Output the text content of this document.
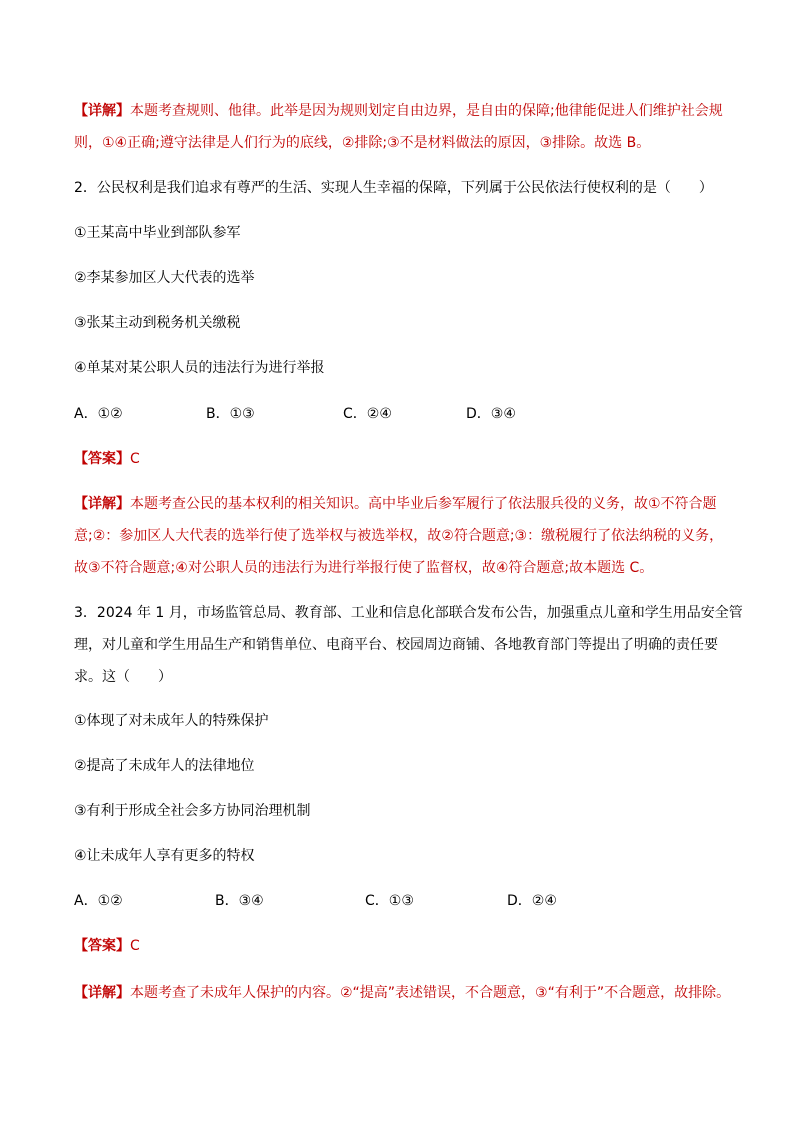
【详解】本题考查规则、他律。此举是因为规则划定自由边界，是自由的保障;他律能促进人们维护社会规
则，①④正确;遵守法律是人们行为的底线，②排除;③不是材料做法的原因，③排除。故选 B。
2．公民权利是我们追求有尊严的生活、实现人生幸福的保障，下列属于公民依法行使权利的是（　　）
①王某高中毕业到部队参军
②李某参加区人大代表的选举
③张某主动到税务机关缴税
④单某对某公职人员的违法行为进行举报
A．①②	B．①③	C．②④	D．③④
【答案】C
【详解】本题考查公民的基本权利的相关知识。高中毕业后参军履行了依法服兵役的义务，故①不符合题
意;②：参加区人大代表的选举行使了选举权与被选举权，故②符合题意;③：缴税履行了依法纳税的义务，
故③不符合题意;④对公职人员的违法行为进行举报行使了监督权，故④符合题意;故本题选 C。
3．2024 年 1 月，市场监管总局、教育部、工业和信息化部联合发布公告，加强重点儿童和学生用品安全管
理，对儿童和学生用品生产和销售单位、电商平台、校园周边商铺、各地教育部门等提出了明确的责任要
求。这（　　）
①体现了对未成年人的特殊保护
②提高了未成年人的法律地位
③有利于形成全社会多方协同治理机制
④让未成年人享有更多的特权
A．①②	B．③④	C．①③	D．②④
【答案】C
【详解】本题考查了未成年人保护的内容。②“提高”表述错误，不合题意，③“有利于”不合题意，故排除。
